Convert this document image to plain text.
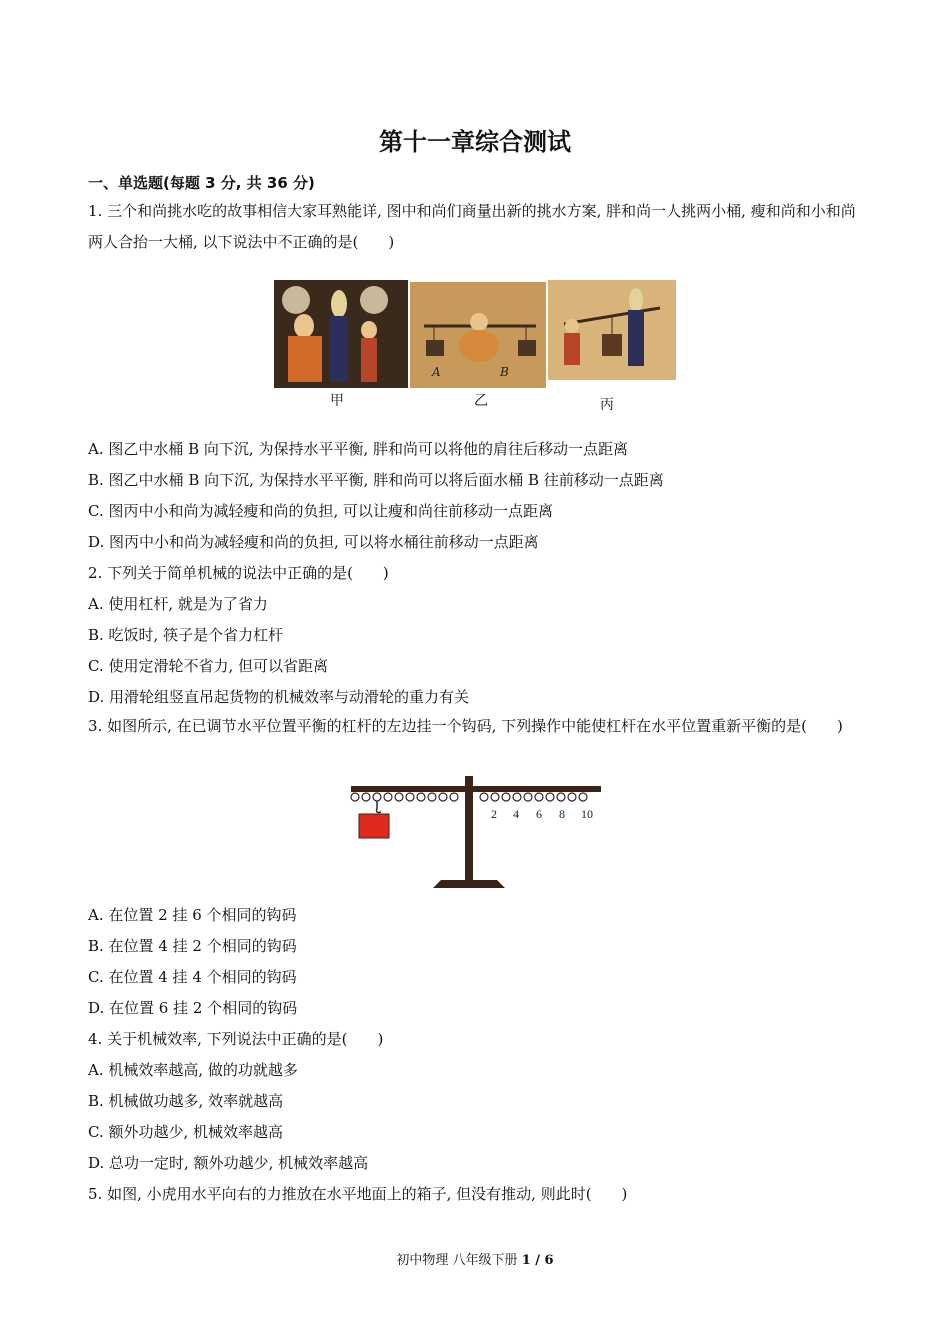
第十一章综合测试
一、单选题(每题 3 分, 共 36 分)
1. 三个和尚挑水吃的故事相信大家耳熟能详, 图中和尚们商量出新的挑水方案, 胖和尚一人挑两小桶, 瘦和尚和小和尚两人合抬一大桶, 以下说法中不正确的是(　　)
A	B
甲	乙	丙
A. 图乙中水桶 B 向下沉, 为保持水平平衡, 胖和尚可以将他的肩往后移动一点距离
B. 图乙中水桶 B 向下沉, 为保持水平平衡, 胖和尚可以将后面水桶 B 往前移动一点距离
C. 图丙中小和尚为减轻瘦和尚的负担, 可以让瘦和尚往前移动一点距离
D. 图丙中小和尚为减轻瘦和尚的负担, 可以将水桶往前移动一点距离
2. 下列关于简单机械的说法中正确的是(　　)
A. 使用杠杆, 就是为了省力
B. 吃饭时, 筷子是个省力杠杆
C. 使用定滑轮不省力, 但可以省距离
D. 用滑轮组竖直吊起货物的机械效率与动滑轮的重力有关
3. 如图所示, 在已调节水平位置平衡的杠杆的左边挂一个钩码, 下列操作中能使杠杆在水平位置重新平衡的是(　　)
2 4 6 8 10
A. 在位置 2 挂 6 个相同的钩码
B. 在位置 4 挂 2 个相同的钩码
C. 在位置 4 挂 4 个相同的钩码
D. 在位置 6 挂 2 个相同的钩码
4. 关于机械效率, 下列说法中正确的是(　　)
A. 机械效率越高, 做的功就越多
B. 机械做功越多, 效率就越高
C. 额外功越少, 机械效率越高
D. 总功一定时, 额外功越少, 机械效率越高
5. 如图, 小虎用水平向右的力推放在水平地面上的箱子, 但没有推动, 则此时(　　)
初中物理 八年级下册 1 / 6
